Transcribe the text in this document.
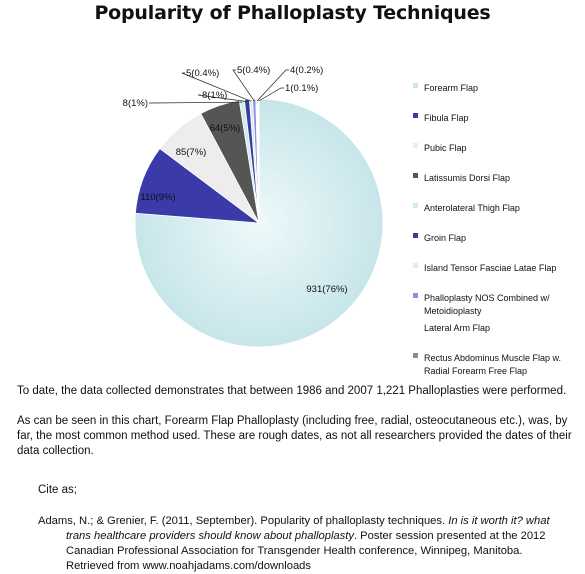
Popularity of Phalloplasty Techniques
931(76%)
110(9%)
85(7%)
64(5%)
8(1%)
8(1%)
5(0.4%) 5(0.4%) 4(0.2%)
1(0.1%)	Forearm Flap
Fibula Flap
Pubic Flap
Latissumis Dorsi Flap
Anterolateral Thigh Flap
Groin Flap
Island Tensor Fasciae Latae Flap
Phalloplasty NOS Combined w/ Metoidioplasty
Lateral Arm Flap
Rectus Abdominus Muscle Flap w. Radial Forearm Free Flap

To date, the data collected demonstrates that between 1986 and 2007 1,221 Phalloplasties were performed.

As can be seen in this chart, Forearm Flap Phalloplasty (including free, radial, osteocutaneous etc.), was, by far, the most common method used. These are rough dates, as not all researchers provided the dates of their data collection.

Cite as;
Adams, N.; & Grenier, F. (2011, September). Popularity of phalloplasty techniques. In is it worth it? what trans healthcare providers should know about phalloplasty. Poster session presented at the 2012 Canadian Professional Association for Transgender Health conference, Winnipeg, Manitoba. Retrieved from www.noahjadams.com/downloads
